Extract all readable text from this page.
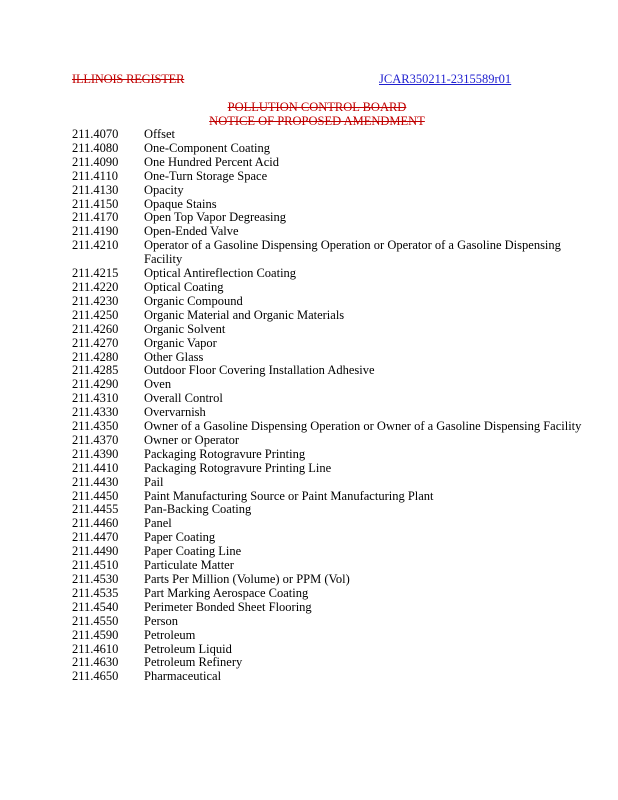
ILLINOIS REGISTER	JCAR350211-2315589r01
POLLUTION CONTROL BOARD
NOTICE OF PROPOSED AMENDMENT
211.4070	Offset
211.4080	One-Component Coating
211.4090	One Hundred Percent Acid
211.4110	One-Turn Storage Space
211.4130	Opacity
211.4150	Opaque Stains
211.4170	Open Top Vapor Degreasing
211.4190	Open-Ended Valve
211.4210	Operator of a Gasoline Dispensing Operation or Operator of a Gasoline Dispensing Facility
211.4215	Optical Antireflection Coating
211.4220	Optical Coating
211.4230	Organic Compound
211.4250	Organic Material and Organic Materials
211.4260	Organic Solvent
211.4270	Organic Vapor
211.4280	Other Glass
211.4285	Outdoor Floor Covering Installation Adhesive
211.4290	Oven
211.4310	Overall Control
211.4330	Overvarnish
211.4350	Owner of a Gasoline Dispensing Operation or Owner of a Gasoline Dispensing Facility
211.4370	Owner or Operator
211.4390	Packaging Rotogravure Printing
211.4410	Packaging Rotogravure Printing Line
211.4430	Pail
211.4450	Paint Manufacturing Source or Paint Manufacturing Plant
211.4455	Pan-Backing Coating
211.4460	Panel
211.4470	Paper Coating
211.4490	Paper Coating Line
211.4510	Particulate Matter
211.4530	Parts Per Million (Volume) or PPM (Vol)
211.4535	Part Marking Aerospace Coating
211.4540	Perimeter Bonded Sheet Flooring
211.4550	Person
211.4590	Petroleum
211.4610	Petroleum Liquid
211.4630	Petroleum Refinery
211.4650	Pharmaceutical
